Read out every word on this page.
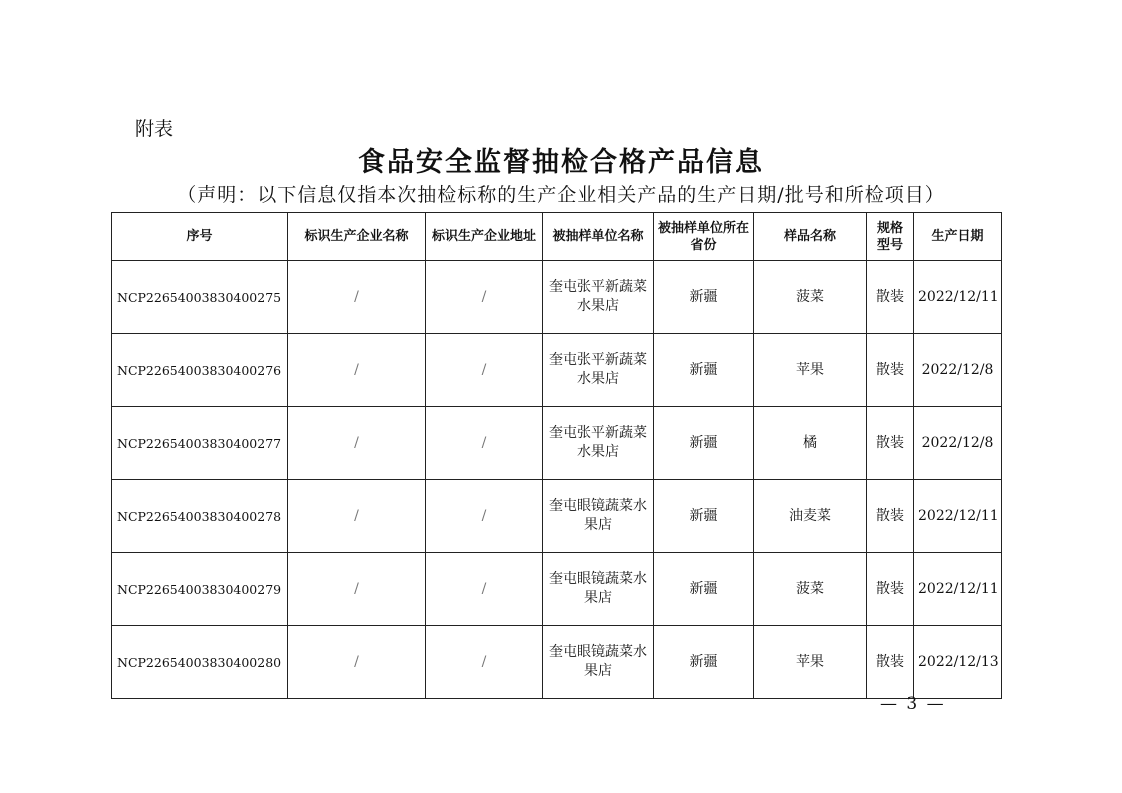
附表
食品安全监督抽检合格产品信息
（声明：以下信息仅指本次抽检标称的生产企业相关产品的生产日期/批号和所检项目）
序号	标识生产企业名称	标识生产企业地址	被抽样单位名称	被抽样单位所在省份	样品名称	规格型号	生产日期
NCP22654003830400275	/	/	奎屯张平新蔬菜水果店	新疆	菠菜	散装	2022/12/11
NCP22654003830400276	/	/	奎屯张平新蔬菜水果店	新疆	苹果	散装	2022/12/8
NCP22654003830400277	/	/	奎屯张平新蔬菜水果店	新疆	橘	散装	2022/12/8
NCP22654003830400278	/	/	奎屯眼镜蔬菜水果店	新疆	油麦菜	散装	2022/12/11
NCP22654003830400279	/	/	奎屯眼镜蔬菜水果店	新疆	菠菜	散装	2022/12/11
NCP22654003830400280	/	/	奎屯眼镜蔬菜水果店	新疆	苹果	散装	2022/12/13
— 3 —
